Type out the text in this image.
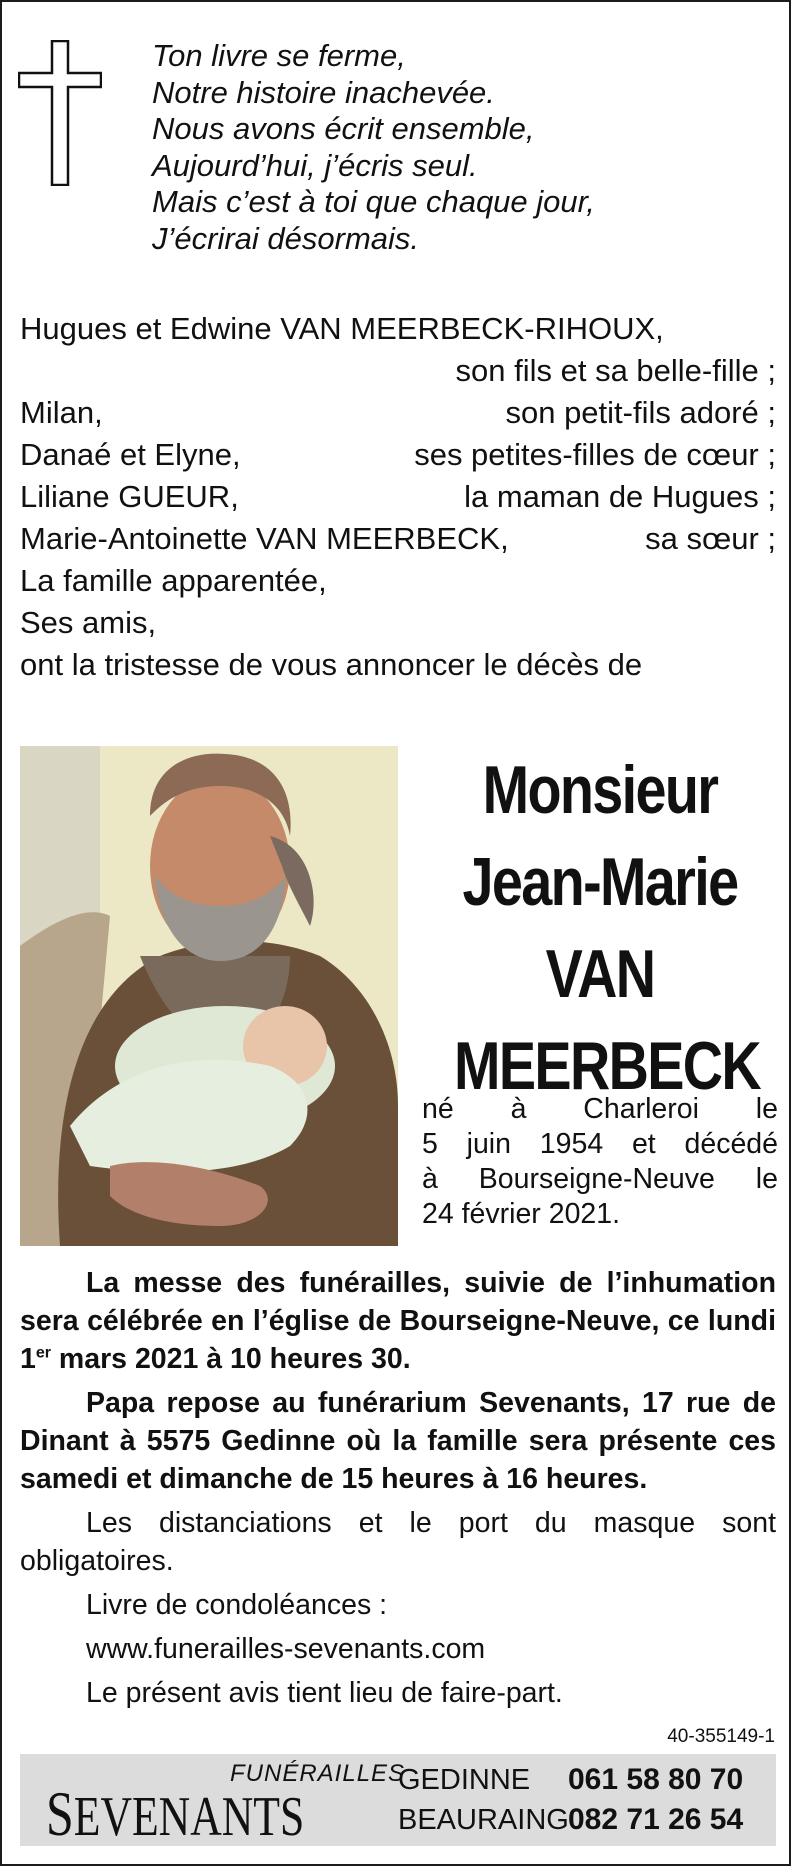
Ton livre se ferme,
Notre histoire inachevée.
Nous avons écrit ensemble,
Aujourd’hui, j’écris seul.
Mais c’est à toi que chaque jour,
J’écrirai désormais.
Hugues et Edwine VAN MEERBECK-RIHOUX,
son fils et sa belle-fille ;
Milan,	son petit-fils adoré ;
Danaé et Elyne,	ses petites-filles de cœur ;
Liliane GUEUR,	la maman de Hugues ;
Marie-Antoinette VAN MEERBECK,	sa sœur ;
La famille apparentée,
Ses amis,
ont la tristesse de vous annoncer le décès de
Monsieur
Jean-Marie
VAN
MEERBECK
né à Charleroi le
5 juin 1954 et décédé
à Bourseigne-Neuve le
24 février 2021.

La messe des funérailles, suivie de l’inhumation sera célébrée en l’église de Bourseigne-Neuve, ce lundi 1er mars 2021 à 10 heures 30.

Papa repose au funérarium Sevenants, 17 rue de Dinant à 5575 Gedinne où la famille sera présente ces samedi et dimanche de 15 heures à 16 heures.

Les distanciations et le port du masque sont obligatoires.

Livre de condoléances :

www.funerailles-sevenants.com

Le présent avis tient lieu de faire-part.

40-355149-1
FUNÉRAILLES
SEVENANTS
GEDINNE 061 58 80 70
BEAURAING 082 71 26 54
